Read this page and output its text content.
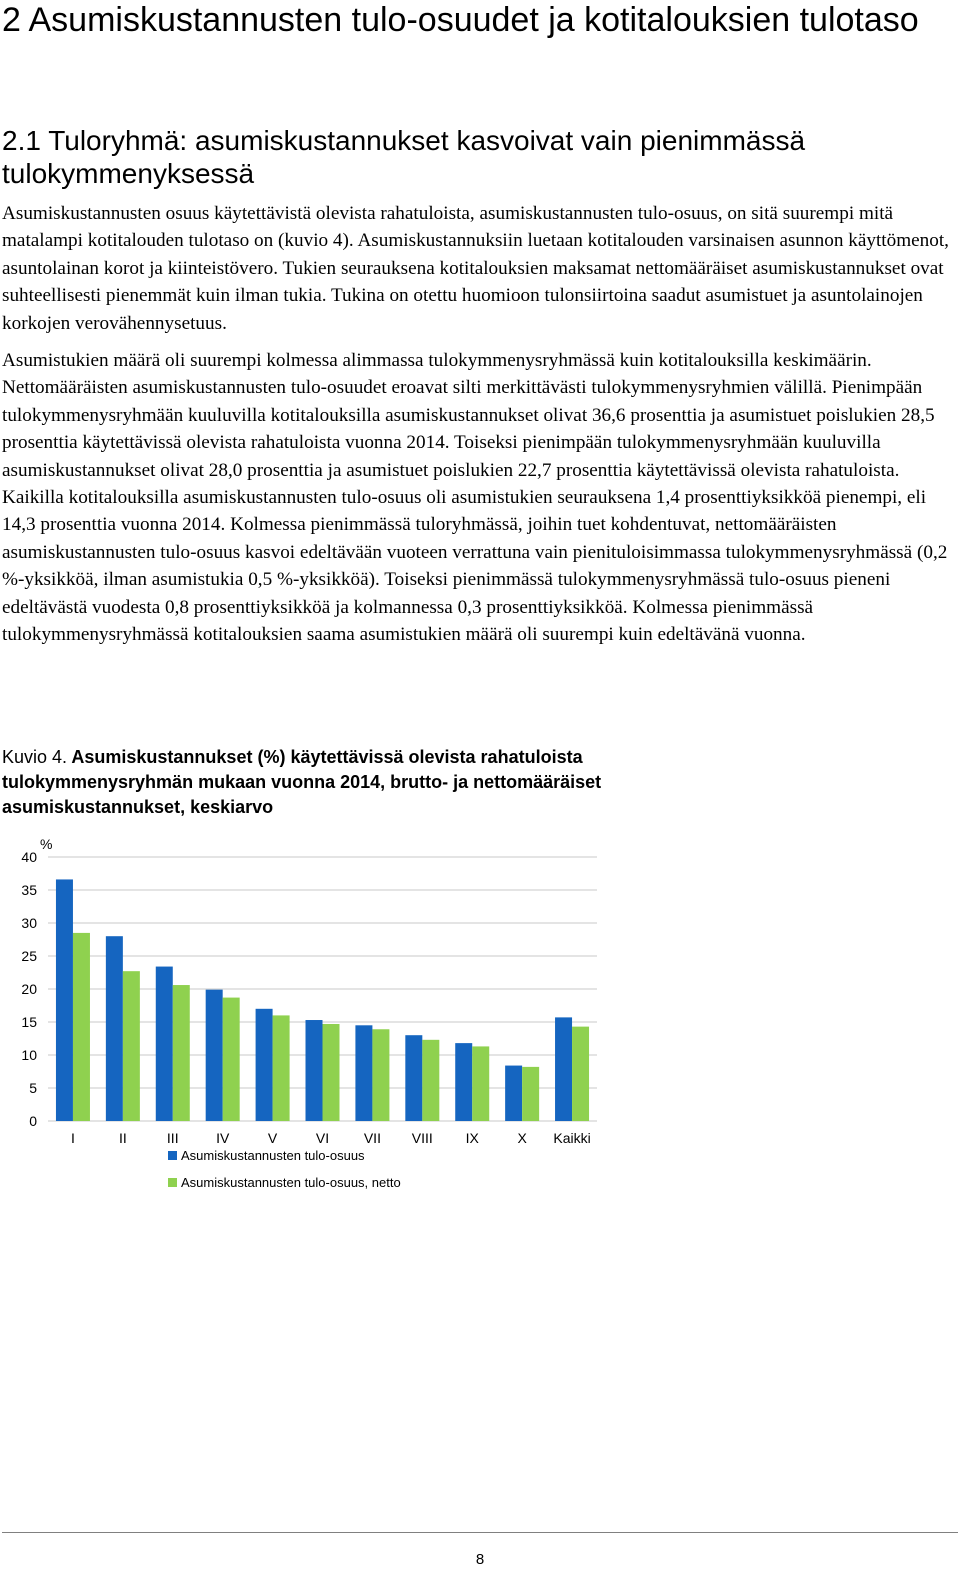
2 Asumiskustannusten tulo-osuudet ja kotitalouksien tulotaso
2.1 Tuloryhmä: asumiskustannukset kasvoivat vain pienimmässä tulokymmenyksessä

Asumiskustannusten osuus käytettävistä olevista rahatuloista, asumiskustannusten tulo-osuus, on sitä suurempi mitä matalampi kotitalouden tulotaso on (kuvio 4). Asumiskustannuksiin luetaan kotitalouden varsinaisen asunnon käyttömenot, asuntolainan korot ja kiinteistövero. Tukien seurauksena kotitalouksien maksamat nettomääräiset asumiskustannukset ovat suhteellisesti pienemmät kuin ilman tukia. Tukina on otettu huomioon tulonsiirtoina saadut asumistuet ja asuntolainojen korkojen verovähennysetuus.

Asumistukien määrä oli suurempi kolmessa alimmassa tulokymmenysryhmässä kuin kotitalouksilla keskimäärin. Nettomääräisten asumiskustannusten tulo-osuudet eroavat silti merkittävästi tulokymmenysryhmien välillä. Pienimpään tulokymmenysryhmään kuuluvilla kotitalouksilla asumiskustannukset olivat 36,6 prosenttia ja asumistuet poislukien 28,5 prosenttia käytettävissä olevista rahatuloista vuonna 2014. Toiseksi pienimpään tulokymmenysryhmään kuuluvilla asumiskustannukset olivat 28,0 prosenttia ja asumistuet poislukien 22,7 prosenttia käytettävissä olevista rahatuloista. Kaikilla kotitalouksilla asumiskustannusten tulo-osuus oli asumistukien seurauksena 1,4 prosenttiyksikköä pienempi, eli 14,3 prosenttia vuonna 2014. Kolmessa pienimmässä tuloryhmässä, joihin tuet kohdentuvat, nettomääräisten asumiskustannusten tulo-osuus kasvoi edeltävään vuoteen verrattuna vain pienituloisimmassa tulokymmenysryhmässä (0,2 %-yksikköä, ilman asumistukia 0,5 %-yksikköä). Toiseksi pienimmässä tulokymmenysryhmässä tulo-osuus pieneni edeltävästä vuodesta 0,8 prosenttiyksikköä ja kolmannessa 0,3 prosenttiyksikköä. Kolmessa pienimmässä tulokymmenysryhmässä kotitalouksien saama asumistukien määrä oli suurempi kuin edeltävänä vuonna.

Kuvio 4. Asumiskustannukset (%) käytettävissä olevista rahatuloista tulokymmenysryhmän mukaan vuonna 2014, brutto- ja nettomääräiset asumiskustannukset, keskiarvo

0
5
10
15
20
25
30
35
40
%
I	II	III	IV	V	VI VII VIII IX	X Kaikki
Asumiskustannusten tulo-osuus
Asumiskustannusten tulo-osuus, netto
8
